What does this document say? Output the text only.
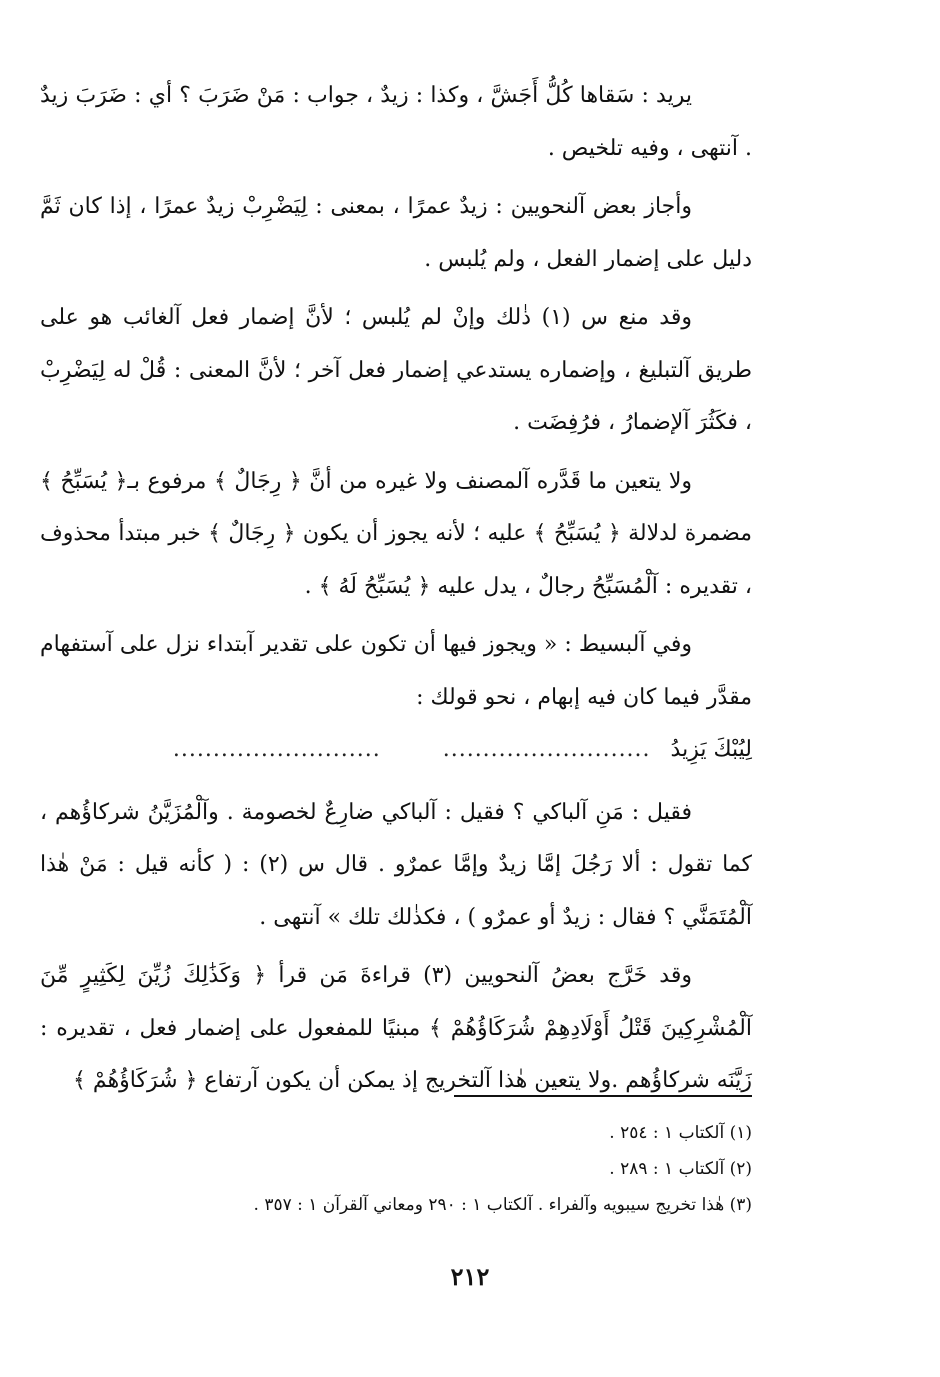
يريد : سَقاها كُلُّ أَجَشَّ ، وكذا : زيدٌ ، جواب : مَنْ ضَرَبَ ؟ أي : ضَرَبَ زيدٌ . آنتهى ، وفيه تلخيص .

وأجاز بعض آلنحويين : زيدٌ عمرًا ، بمعنى : لِيَضْرِبْ زيدٌ عمرًا ، إذا كان ثَمَّ دليل على إضمار الفعل ، ولم يُلبس .

وقد منع س (١) ذٰلك وإنْ لم يُلبس ؛ لأنَّ إضمار فعل آلغائب هو على طريق آلتبليغ ، وإضماره يستدعي إضمار فعل آخر ؛ لأنَّ المعنى : قُلْ له لِيَضْرِبْ ، فكَثُرَ آلإضمارُ ، فرُفِضَت .

ولا يتعين ما قَدَّره آلمصنف ولا غيره من أنَّ ﴿ رِجَالٌ ﴾ مرفوع بـ﴿ يُسَبِّحُ ﴾ مضمرة لدلالة ﴿ يُسَبِّحُ ﴾ عليه ؛ لأنه يجوز أن يكون ﴿ رِجَالٌ ﴾ خبر مبتدأ محذوف ، تقديره : آلْمُسَبِّحُ رجالٌ ، يدل عليه ﴿ يُسَبِّحُ لَهُ ﴾ .

وفي آلبسيط : « ويجوز فيها أن تكون على تقدير آبتداء نزل على آستفهام مقدَّر فيما كان فيه إبهام ، نحو قولك :

لِيُبْكَ يَزِيدُ
..........................
..........................

فقيل : مَنِ آلباكي ؟ فقيل : آلباكي ضارِعٌ لخصومة . وآلْمُزَيَّنُ شركاؤُهم ، كما تقول : ألا رَجُلَ إمَّا زيدٌ وإمَّا عمرٌو . قال س (٢) : ( كأنه قيل : مَنْ هٰذا آلْمُتَمَنَّي ؟ فقال : زيدٌ أو عمرٌو ) ، فكذٰلك تلك » آنتهى .

وقد خَرَّج بعضُ آلنحويين (٣) قراءةَ مَن قرأ ﴿ وَكَذَٰلِكَ زُيِّنَ لِكَثِيرٍ مِّنَ آلْمُشْرِكِينَ قَتْلُ أَوْلَادِهِمْ شُرَكَاؤُهُمْ ﴾ مبنيًا للمفعول على إضمار فعل ، تقديره : زَيَّنَه شركاؤُهم .ولا يتعين هٰذا آلتخريج إذ يمكن أن يكون آرتفاع ﴿ شُرَكَاؤُهُمْ ﴾

(١) آلكتاب ١ : ٢٥٤ .

(٢) آلكتاب ١ : ٢٨٩ .

(٣) هٰذا تخريج سيبويه وآلفراء . آلكتاب ١ : ٢٩٠ ومعاني آلقرآن ١ : ٣٥٧ .

٢١٢
